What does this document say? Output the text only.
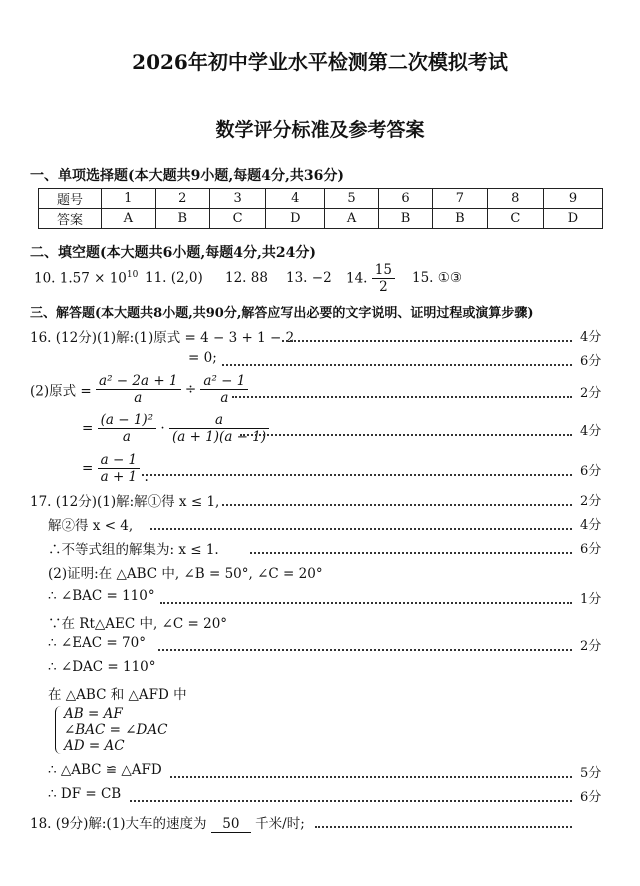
2026年初中学业水平检测第二次模拟考试
数学评分标准及参考答案
一、单项选择题(本大题共9小题,每题4分,共36分)
题号	1	2	3	4	5	6	7	8	9
答案	A	B	C	D	A	B	B	C	D
二、填空题(本大题共6小题,每题4分,共24分)
10. $1.57 \times 10^{10}$ 11. (2,0) 12. 88 13. −2 14. $\frac{15}{2} 15$. ①③
三、解答题(本大题共8小题,共90分,解答应写出必要的文字说明、证明过程或演算步骤)
16. (12分)(1)解:(1)原式 = 4 − 3 + 1 − 2	4分
= 0;	6分
(2)原式 = $\frac{\text{a² − 2a + 1}}{a} \div \frac{\text{a² − 1}}{a}$	2分
= $\frac{\text{(a − 1)²}}{a} \cdot \frac{a}{(a + 1)(a - 1)}$	4分
= $\frac{a - 1}{a + 1}$ .	6分
17. (12分)(1)解:解①得 x ≤ 1,	2分
解②得 x < 4,	4分
∴不等式组的解集为: x ≤ 1.	6分
(2)证明:在 △ABC 中, ∠B = 50°, ∠C = 20°
∴ ∠BAC = 110°	1分
∵在 Rt△AEC 中, ∠C = 20°
∴ ∠EAC = 70°	2分
∴ ∠DAC = 110°
在 △ABC 和 △AFD 中
AB = AF
∠BAC = ∠DAC
AD = AC
∴ △ABC ≌ △AFD	5分
∴ DF = CB	6分
18. (9分)解:(1)大车的速度为 50 千米/时;
